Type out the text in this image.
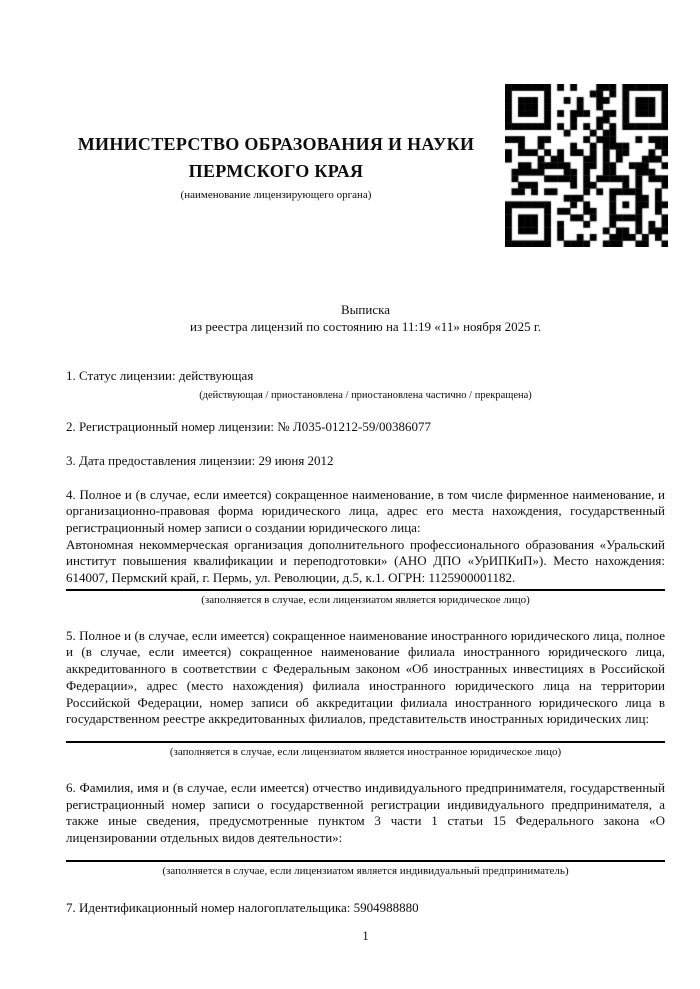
МИНИСТЕРСТВО ОБРАЗОВАНИЯ И НАУКИ
ПЕРМСКОГО КРАЯ
(наименование лицензирующего органа)

Выписка

из реестра лицензий по состоянию на 11:19 «11» ноября 2025 г.

1. Статус лицензии: действующая

(действующая / приостановлена / приостановлена частично / прекращена)

2. Регистрационный номер лицензии: № Л035-01212-59/00386077

3. Дата предоставления лицензии: 29 июня 2012

4. Полное и (в случае, если имеется) сокращенное наименование, в том числе фирменное наименование, и организационно-правовая форма юридического лица, адрес его места нахождения, государственный регистрационный номер записи о создании юридического лица:

Автономная некоммерческая организация дополнительного профессионального образования «Уральский институт повышения квалификации и переподготовки» (АНО ДПО «УрИПКиП»). Место нахождения: 614007, Пермский край, г. Пермь, ул. Революции, д.5, к.1. ОГРН: 1125900001182.

(заполняется в случае, если лицензиатом является юридическое лицо)

5. Полное и (в случае, если имеется) сокращенное наименование иностранного юридического лица, полное и (в случае, если имеется) сокращенное наименование филиала иностранного юридического лица, аккредитованного в соответствии с Федеральным законом «Об иностранных инвестициях в Российской Федерации», адрес (место нахождения) филиала иностранного юридического лица на территории Российской Федерации, номер записи об аккредитации филиала иностранного юридического лица в государственном реестре аккредитованных филиалов, представительств иностранных юридических лиц:

(заполняется в случае, если лицензиатом является иностранное юридическое лицо)

6. Фамилия, имя и (в случае, если имеется) отчество индивидуального предпринимателя, государственный регистрационный номер записи о государственной регистрации индивидуального предпринимателя, а также иные сведения, предусмотренные пунктом 3 части 1 статьи 15 Федерального закона «О лицензировании отдельных видов деятельности»:

(заполняется в случае, если лицензиатом является индивидуальный предприниматель)

7. Идентификационный номер налогоплательщика: 5904988880

1
